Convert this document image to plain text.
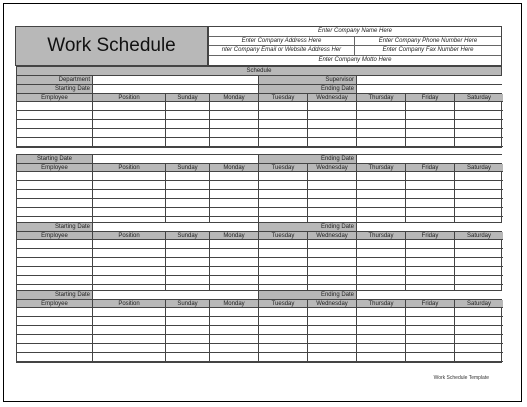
Work Schedule
Enter Company Name Here
Enter Company Address Here	Enter Company Phone Number Here
nter Company Email or Website Address Her	Enter Company Fax Number Here
Enter Company Motto Here
Schedule
Department	Supervisor
Starting Date	Ending Date
Employee	Position	Sunday	Monday	Tuesday	Wednesday	Thursday	Friday	Saturday
Starting Date	Ending Date
Employee	Position	Sunday	Monday	Tuesday	Wednesday	Thursday	Friday	Saturday
Starting Date	Ending Date
Employee	Position	Sunday	Monday	Tuesday	Wednesday	Thursday	Friday	Saturday
Starting Date	Ending Date
Employee	Position	Sunday	Monday	Tuesday	Wednesday	Thursday	Friday	Saturday
Work Schedule Template
